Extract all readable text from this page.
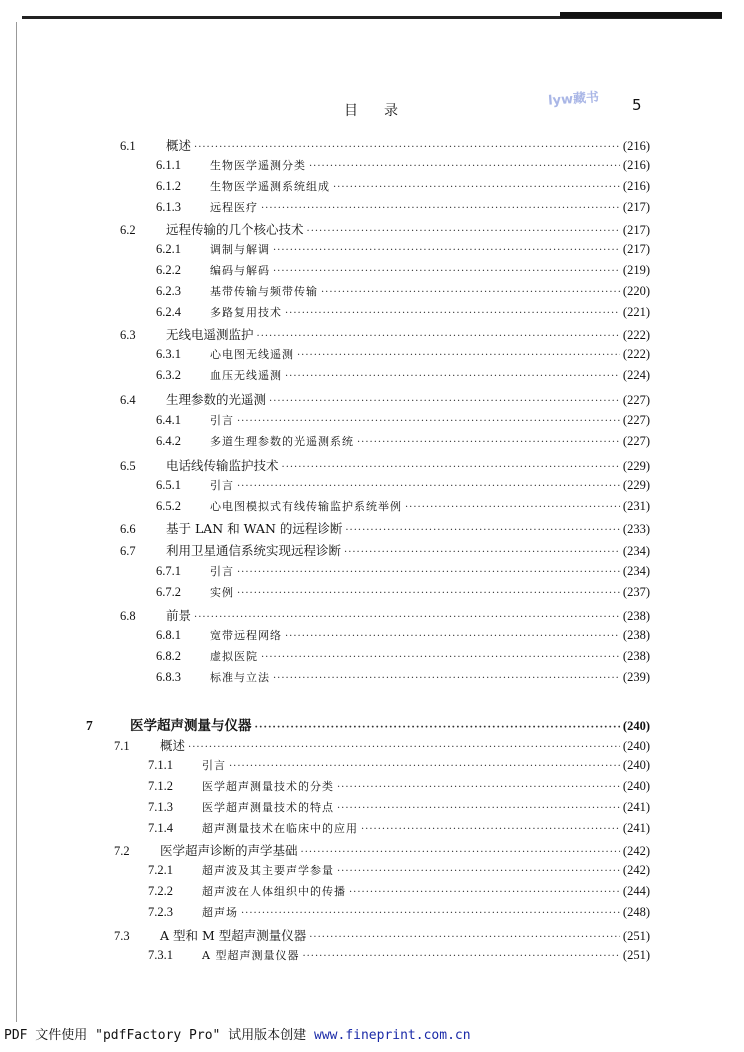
目录
lyw藏书 5
6.1	概述 ·····	(216)
6.1.1	生物医学遥测分类 ·····	(216)
6.1.2	生物医学遥测系统组成 ·····	(216)
6.1.3	远程医疗 ·····	(217)
6.2	远程传输的几个核心技术 ·····	(217)
6.2.1	调制与解调 ·····	(217)
6.2.2	编码与解码 ·····	(219)
6.2.3	基带传输与频带传输 ·····	(220)
6.2.4	多路复用技术 ·····	(221)
6.3	无线电遥测监护 ·····	(222)
6.3.1	心电图无线遥测 ·····	(222)
6.3.2	血压无线遥测 ·····	(224)
6.4	生理参数的光遥测 ·····	(227)
6.4.1	引言 ·····	(227)
6.4.2	多道生理参数的光遥测系统 ·····	(227)
6.5	电话线传输监护技术 ·····	(229)
6.5.1	引言 ·····	(229)
6.5.2	心电图模拟式有线传输监护系统举例 ·····	(231)
6.6	基于 LAN 和 WAN 的远程诊断 ·····	(233)
6.7	利用卫星通信系统实现远程诊断 ·····	(234)
6.7.1	引言 ·····	(234)
6.7.2	实例 ·····	(237)
6.8	前景 ·····	(238)
6.8.1	宽带远程网络 ·····	(238)
6.8.2	虚拟医院 ·····	(238)
6.8.3	标准与立法 ·····	(239)
7	医学超声测量与仪器 ·····	(240)
7.1	概述 ·····	(240)
7.1.1	引言 ·····	(240)
7.1.2	医学超声测量技术的分类 ·····	(240)
7.1.3	医学超声测量技术的特点 ·····	(241)
7.1.4	超声测量技术在临床中的应用 ·····	(241)
7.2	医学超声诊断的声学基础 ·····	(242)
7.2.1	超声波及其主要声学参量 ·····	(242)
7.2.2	超声波在人体组织中的传播 ·····	(244)
7.2.3	超声场 ·····	(248)
7.3	A 型和 M 型超声测量仪器 ·····	(251)
7.3.1	A 型超声测量仪器 ·····	(251)
PDF 文件使用 "pdfFactory Pro" 试用版本创建 www.fineprint.com.cn
